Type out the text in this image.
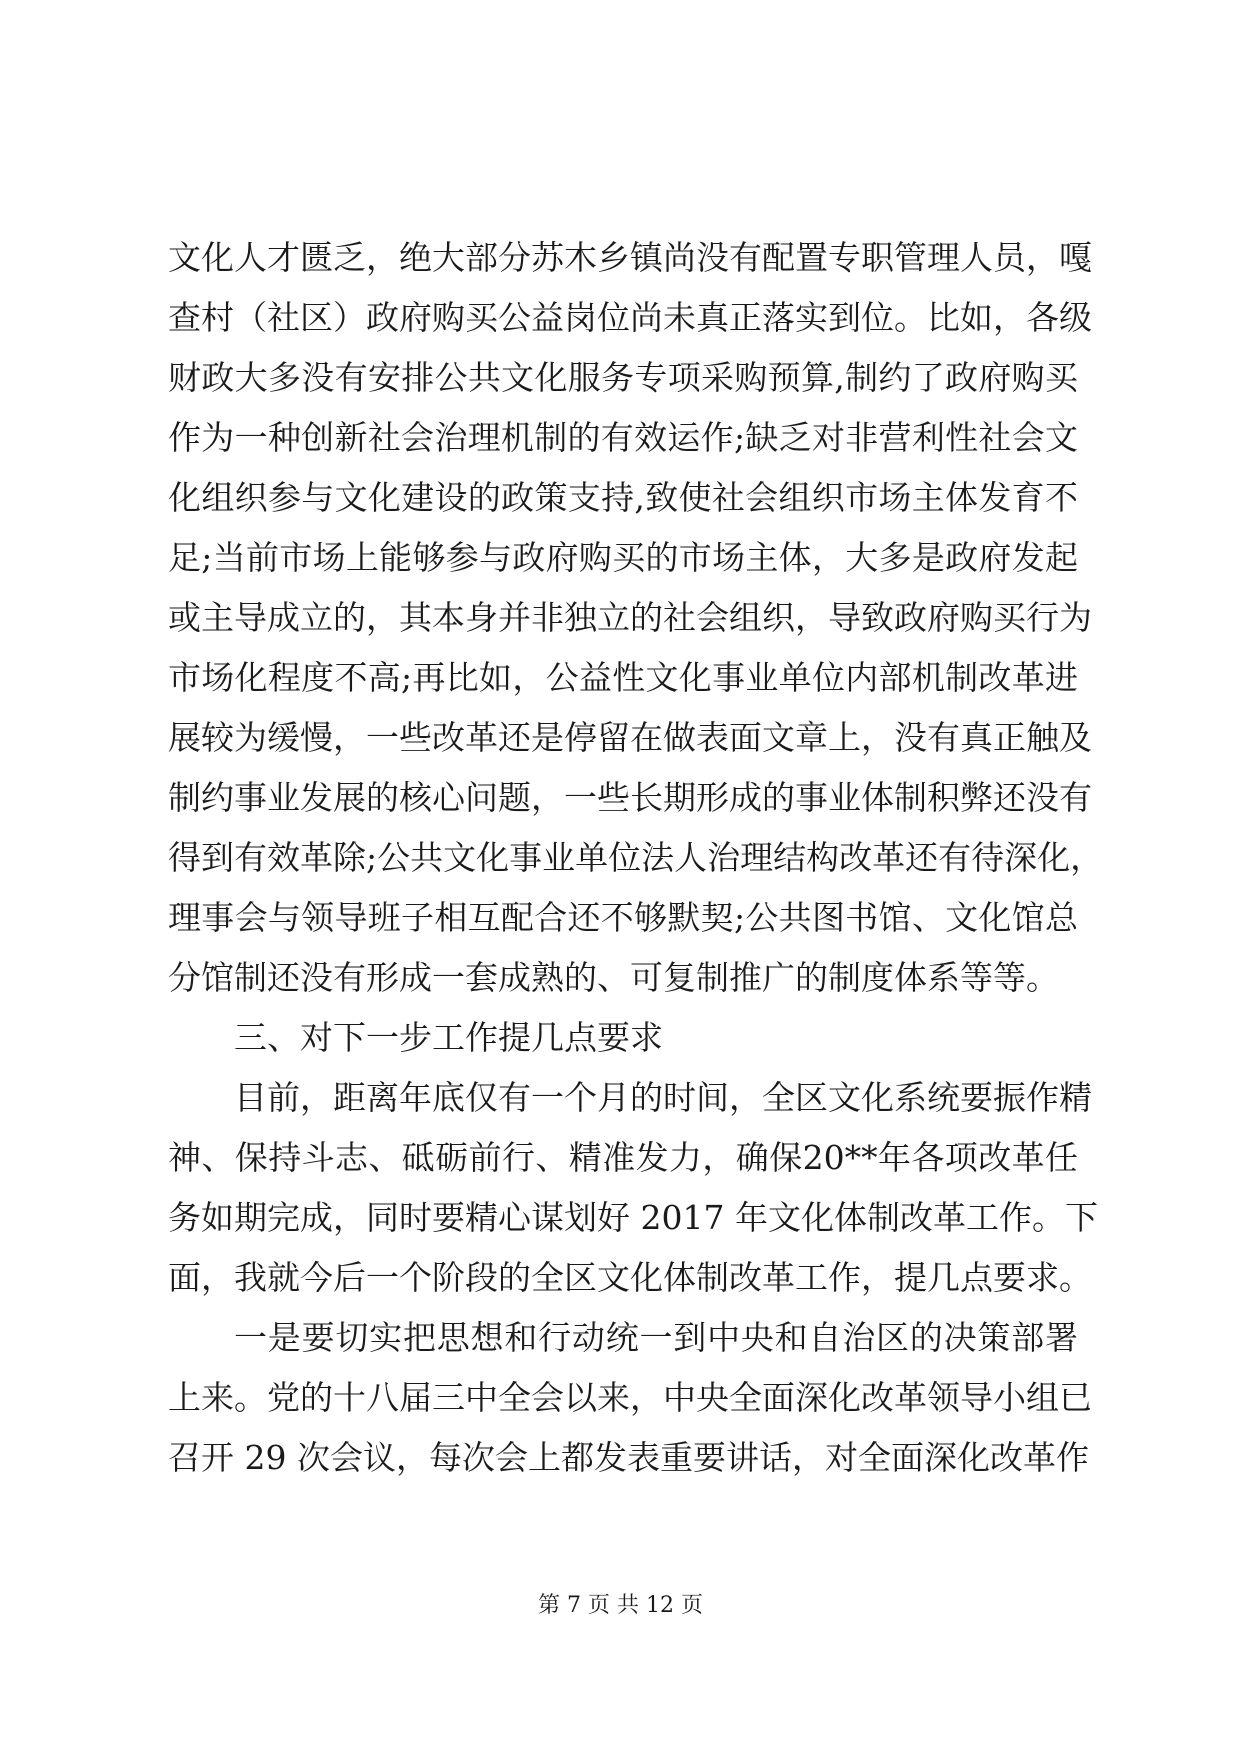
文化人才匮乏，绝大部分苏木乡镇尚没有配置专职管理人员，嘎
查村（社区）政府购买公益岗位尚未真正落实到位。比如，各级
财政大多没有安排公共文化服务专项采购预算,制约了政府购买
作为一种创新社会治理机制的有效运作;缺乏对非营利性社会文
化组织参与文化建设的政策支持,致使社会组织市场主体发育不
足;当前市场上能够参与政府购买的市场主体，大多是政府发起
或主导成立的，其本身并非独立的社会组织，导致政府购买行为
市场化程度不高;再比如，公益性文化事业单位内部机制改革进
展较为缓慢，一些改革还是停留在做表面文章上，没有真正触及
制约事业发展的核心问题，一些长期形成的事业体制积弊还没有
得到有效革除;公共文化事业单位法人治理结构改革还有待深化，
理事会与领导班子相互配合还不够默契;公共图书馆、文化馆总
分馆制还没有形成一套成熟的、可复制推广的制度体系等等。
三、对下一步工作提几点要求
目前，距离年底仅有一个月的时间，全区文化系统要振作精
神、保持斗志、砥砺前行、精准发力，确保20**年各项改革任
务如期完成，同时要精心谋划好 2017 年文化体制改革工作。下
面，我就今后一个阶段的全区文化体制改革工作，提几点要求。
一是要切实把思想和行动统一到中央和自治区的决策部署
上来。党的十八届三中全会以来，中央全面深化改革领导小组已
召开 29 次会议，每次会上都发表重要讲话，对全面深化改革作
第 7 页 共 12 页
